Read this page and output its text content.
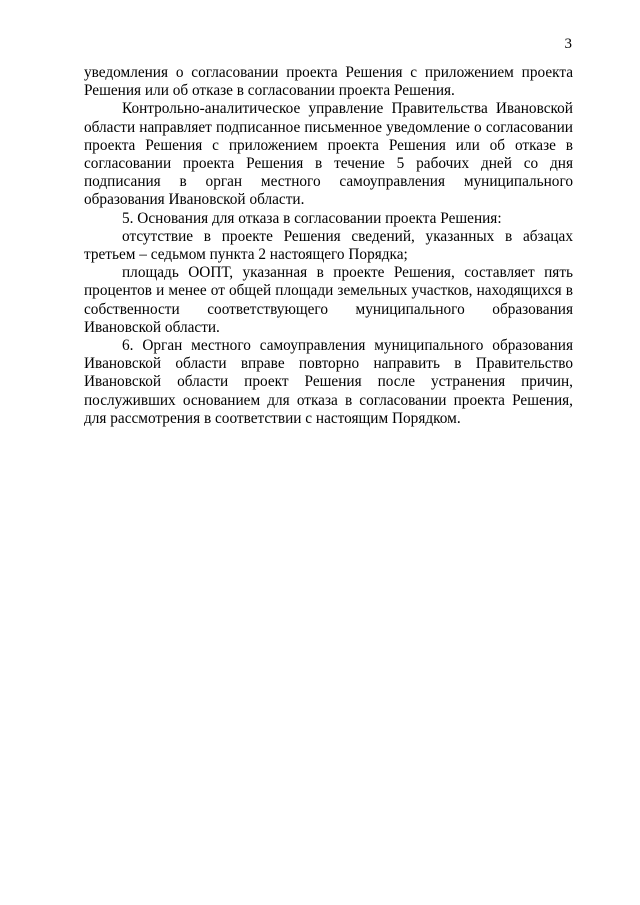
3

уведомления о согласовании проекта Решения с приложением проекта Решения или об отказе в согласовании проекта Решения.

Контрольно-аналитическое управление Правительства Ивановской области направляет подписанное письменное уведомление о согласовании проекта Решения с приложением проекта Решения или об отказе в согласовании проекта Решения в течение 5 рабочих дней со дня подписания в орган местного самоуправления муниципального образования Ивановской области.

5. Основания для отказа в согласовании проекта Решения:

отсутствие в проекте Решения сведений, указанных в абзацах третьем – седьмом пункта 2 настоящего Порядка;

площадь ООПТ, указанная в проекте Решения, составляет пять процентов и менее от общей площади земельных участков, находящихся в собственности соответствующего муниципального образования Ивановской области.

6. Орган местного самоуправления муниципального образования Ивановской области вправе повторно направить в Правительство Ивановской области проект Решения после устранения причин, послуживших основанием для отказа в согласовании проекта Решения, для рассмотрения в соответствии с настоящим Порядком.
